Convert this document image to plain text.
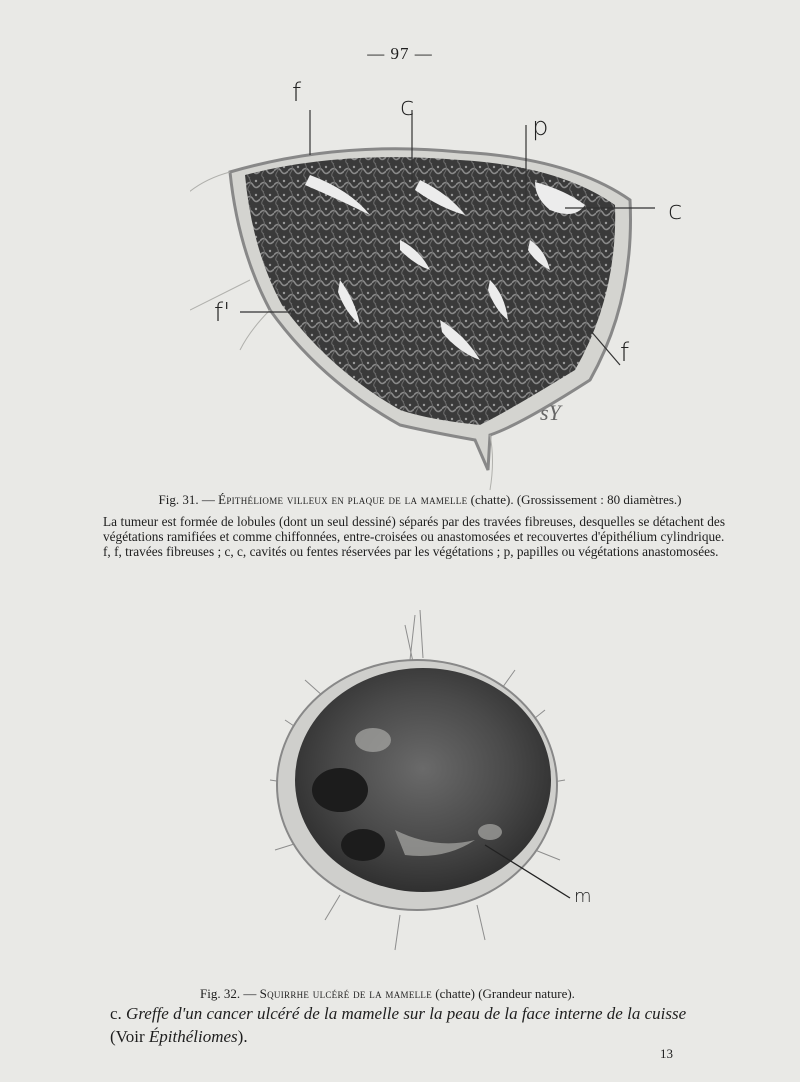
— 97 —
sY
f	c
p
c
f'
f
Fig. 31. — Épithéliome villeux en plaque de la mamelle (chatte). (Grossissement : 80 diamètres.)

La tumeur est formée de lobules (dont un seul dessiné) séparés par des travées fibreuses, desquelles se détachent des végétations ramifiées et comme chiffonnées, entre-croisées ou anastomosées et recouvertes d'épithélium cylindrique.

f, f, travées fibreuses ; c, c, cavités ou fentes réservées par les végétations ; p, papilles ou végétations anastomosées.

m
Fig. 32. — Squirrhe ulcéré de la mamelle (chatte) (Grandeur nature).
c. Greffe d'un cancer ulcéré de la mamelle sur la peau de la face interne de la cuisse
(Voir Épithéliomes).
13
